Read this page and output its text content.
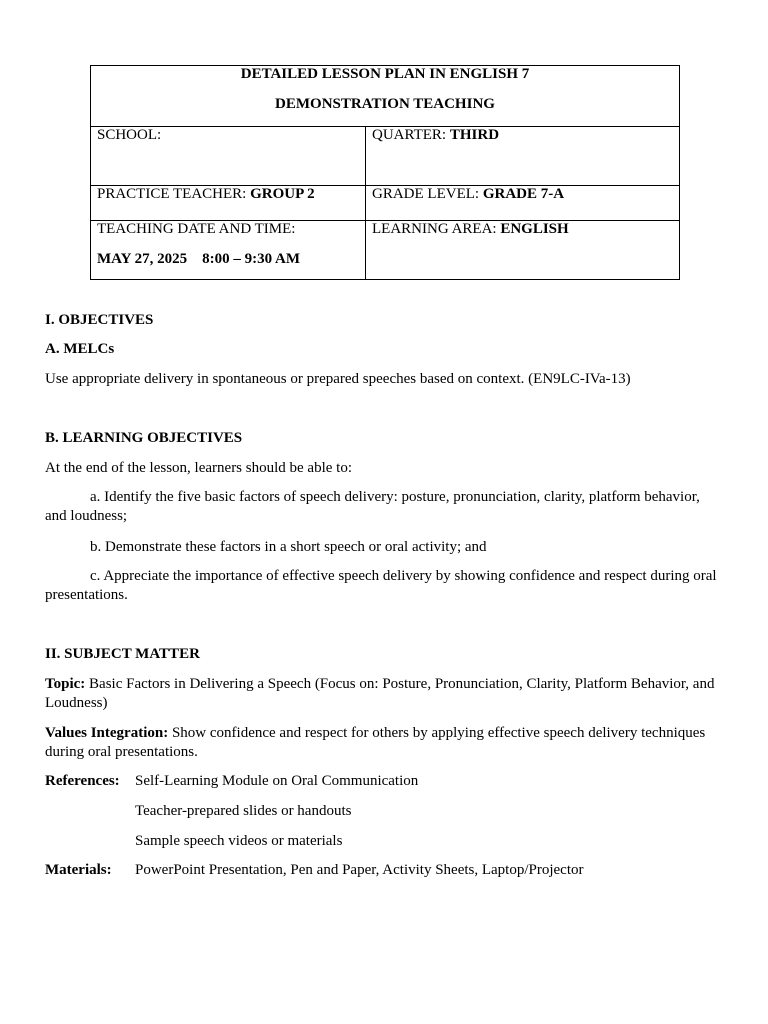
DETAILED LESSON PLAN IN ENGLISH 7
DEMONSTRATION TEACHING	

SCHOOL:	QUARTER: THIRD
PRACTICE TEACHER: GROUP 2	GRADE LEVEL: GRADE 7-A

TEACHING DATE AND TIME:
MAY 27, 2025 8:00 – 9:30 AM	LEARNING AREA: ENGLISH
I. OBJECTIVES
A. MELCs
Use appropriate delivery in spontaneous or prepared speeches based on context. (EN9LC-IVa-13)
B. LEARNING OBJECTIVES
At the end of the lesson, learners should be able to:
a. Identify the five basic factors of speech delivery: posture, pronunciation, clarity, platform behavior, and loudness;
b. Demonstrate these factors in a short speech or oral activity; and
c. Appreciate the importance of effective speech delivery by showing confidence and respect during oral presentations.
II. SUBJECT MATTER
Topic: Basic Factors in Delivering a Speech (Focus on: Posture, Pronunciation, Clarity, Platform Behavior, and Loudness)
Values Integration: Show confidence and respect for others by applying effective speech delivery techniques during oral presentations.
References: Self-Learning Module on Oral Communication
Teacher-prepared slides or handouts
Sample speech videos or materials
Materials: PowerPoint Presentation, Pen and Paper, Activity Sheets, Laptop/Projector
